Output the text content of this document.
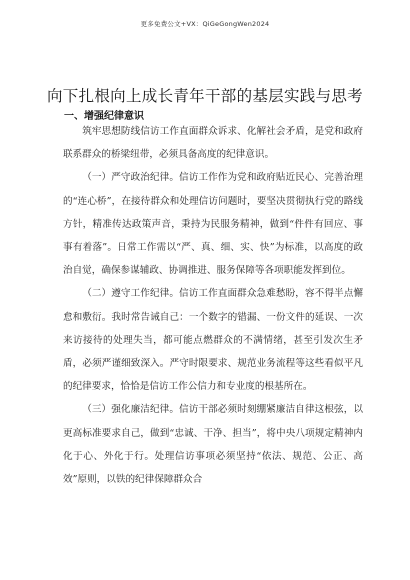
更多免费公文+VX：QiGeGongWen2024
向下扎根向上成长青年干部的基层实践与思考
一、增强纪律意识

筑牢思想防线信访工作直面群众诉求、化解社会矛盾，是党和政府联系群众的桥梁纽带，必须具备高度的纪律意识。

（一）严守政治纪律。信访工作作为党和政府贴近民心、完善治理的“连心桥”，在接待群众和处理信访问题时，要坚决贯彻执行党的路线方针，精准传达政策声音，秉持为民服务精神，做到“件件有回应、事事有着落”。日常工作需以“严、真、细、实、快”为标准，以高度的政治自觉，确保参谋辅政、协调推进、服务保障等各项职能发挥到位。

（二）遵守工作纪律。信访工作直面群众急难愁盼，容不得半点懈怠和敷衍。我时常告诫自己：一个数字的错漏、一份文件的延误、一次来访接待的处理失当，都可能点燃群众的不满情绪，甚至引发次生矛盾，必须严谨细致深入。严守时限要求、规范业务流程等这些看似平凡的纪律要求，恰恰是信访工作公信力和专业度的根基所在。

（三）强化廉洁纪律。信访干部必须时刻绷紧廉洁自律这根弦，以更高标准要求自己，做到“忠诚、干净、担当”，将中央八项规定精神内化于心、外化于行。处理信访事项必须坚持“依法、规范、公正、高效”原则，以铁的纪律保障群众合
